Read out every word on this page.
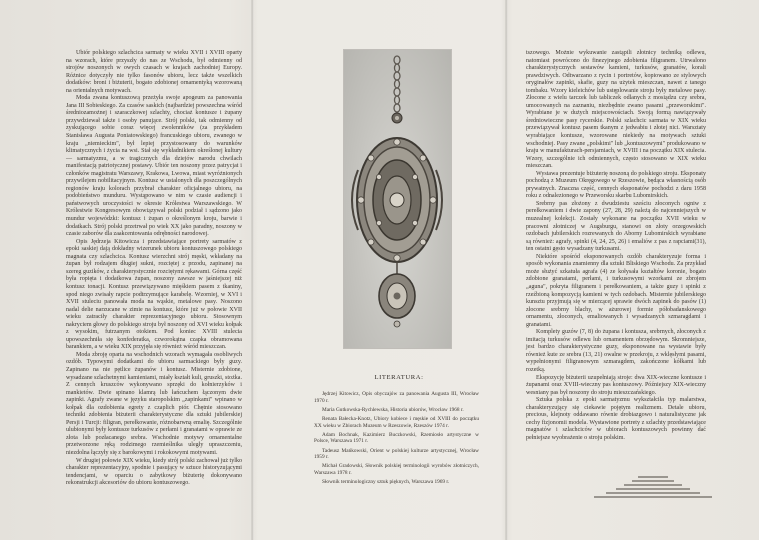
Ubiór polskiego szlachcica sarmaty w wieku XVII i XVIII oparty na wzorach, które przyszły do nas ze Wschodu, był odmienny od strojów noszonych w owych czasach w krajach zachodniej Europy. Różnice dotyczyły nie tylko fasonów ubioru, lecz także wszelkich dodatków: broni i biżuterii, bogato zdobionej ornamentyką wzorowaną na orientalnych motywach.

Moda zwana kontuszową przeżyła swoje apogeum za panowania Jana III Sobieskiego. Za czasów saskich (najbardziej powszechna wśród średniozamożnej i szaraczkowej szlachty, chociaż kontusze i żupany przywdziewał także i osoby panujące. Strój polski, tak odmienny od zyskującego sobie coraz więcej zwolenników (za przykładem Stanisława Augusta Poniatowskiego) francuskiego ubioru, zwanego w kraju „niemieckim", był lepiej przystosowany do warunków klimatycznych i życia na wsi. Stał się wykładnikiem określonej kultury — sarmatyzmu, a w tragicznych dla dziejów narodu chwilach manifestacją patriotycznej postawy. Ubiór ten noszony przez patrycjat i członków magistratu Warszawy, Krakowa, Lwowa, miast wyróżnionych przywilejem nobilitacyjnym. Kontusz w ustalonych dla poszczególnych regionów kraju kolorach przybrał charakter oficjalnego ubioru, na podobieństwo munduru. Wystąpowano w nim w czasie audiencji i państwowych uroczystości w okresie Królestwa Warszawskiego. W Królestwie Kongresowym obowiązywał polski podział i sądzono jako mundur wojewódzki: kontusz i żupan o określonym kroju, barwie i dodatkach. Strój polski przetrwał po wiek XX jako paradny, noszony w czasie zaborów dla zaakcentowania odrębności narodowej.

Opis Jędrzeja Kitowicza i przedstawiające portrety sarmatów z epoki saskiej dają dokładny wizerunek ubioru kontuszowego polskiego magnata czy szlachcica. Kontusz wierzchni strój męski, wkładany na żupan był rodzajem długiej sukni, rozciętej z przodu, zapinanej na szereg guzików, z charakterystycznie rozciętymi rękawami. Górna część była ropięta i dodatkowa żupan, noszony zawsze w jaśniejszej niż kontusz tonacji. Kontusz przewiązywano mięśkiem pasem z tkaniny, spod niego zwisały rapcie podtrzymujące karabelę. Wzorniej, w XVI i XVII stuleciu panowała moda na wąskie, metalowe pasy. Noszono nadal delie narzucane w zimie na kontusz, które już w połowie XVII wieku zatraciły charakter reprezentacyjnego ubioru. Stosownym nakryciem głowy do polskiego stroju był noszony od XVI wieku kołpak z wysokim, futrzanym otokiem. Pod koniec XVIII stulecia upowszechniła się konfederatka, czworokątna czapka obramowana barankiem, a w wieku XIX przyjęła się również wśród mieszczan.

Moda zbroję oparta na wschodnich wzorach wymagała osobliwych ozdób. Typowymi dodatkami do ubioru sarmackiego były guzy. Zapinano na nie pętlice żupanów i kontusz. Misternie zdobione, wysadzane szlachetnymi kamieniami, miały kształt kuli, gruszki, stożka. Z cennych kruszców wykonywano sprzęki do kołnierzyków i mankietów. Dwie spinano klamrą lub łańcuchem łączonym dwie zapinki. Agrafy zwane w języku staropolskim „zapinkami" wpinano w kołpak dla ozdobienia egrety z czaplich piór. Chętnie stosowano techniki zdobienia biżuterii charakterystyczne dla sztuki jubilerskiej Persji i Turcji: filigran, perełkowanie, różnobarwną emalię. Szczególnie ulubionymi były kontusze turkusów z perłami i granatami w oprawie ze złota lub pozłacanego srebra. Wschodnie motywy ornamentalne przetworzone ręką rodzimego rzemieślnika uległy upraszczeniu, niezdolna łączyły się z barokowymi i rokokowymi motywami.

W drugiej połowie XIX wieku, kiedy strój polski zachował już tylko charakter reprezentacyjny, spodnie i pasujący w sztuce historyzującymi tendencjami, w oparciu o zabytkowy biżuterię dokonywano rekonstrukcji akcesoriów do ubioru kontuszowego.

LITERATURA:

Jędrzej Kitowicz, Opis obyczajów za panowania Augusta III, Wrocław 1970 r.

Maria Gutkowska-Rychlewska, Historia ubiorów, Wrocław 1968 r.

Renata Bałecka-Knotz, Ubiory kobiece i męskie od XVIII do początku XX wieku w Zbiorach Muzeum w Rzeszowie, Rzeszów 1974 r.

Adam Bochnak, Kazimierz Buczkowski, Rzemiosło artystyczne w Polsce, Warszawa 1971 r.

Tadeusz Mańkowski, Orient w polskiej kulturze artystycznej, Wrocław 1959 r.

Michał Gradowski, Słownik polskiej terminologii wyrobów złotniczych, Warszawa 1978 r.

Słownik terminologiczny sztuk pięknych, Warszawa 1969 r.

tszowego. Możnie wykuwanie zastąpili złotnicy techniką odlewu, natomiast powrócono do finezyjnego zdobienia filigranem. Utrwalono charakterystycznych sestawów kamieni, turkusów, granatów, korali prawdziwych. Odtwarzano z rycin i portretów, kopiowano ze stylowych oryginałów zapinki, skafie, guzy na użytek mieszczan, nawet z tanego tombaku. Wzory kieleichów lub ustęplowanie stroju były metalowe pasy. Złocone z wielu tarczek lub tabliczek odlanych z mosiądzu czy srebra, umocowanych na zaznaniu, niezbędnie zwano pasami „przeworskimi". Wyrabiane je w dużych miejscowościach. Swoją formą nawiązywały średniowieczne pasy rycerskie. Polski szlachcic sarmata w XIX wieku przewiązywał kontusz pasem tkanym z jedwabiu i złotej nici. Warsztaty wyrabiające kontusze, wzorowane niekiedy na motywach sztuki wschodniej. Pasy zwane „polskimi" lub „kontuszowymi" produkowano w kraju w manufakturach-persjarniach, w XVIII i na początku XIX stulecia. Wzory, szczególnie ich odmiennych, często stosowano w XIX wieku mieszczan.

Wystawa prezentuje biżuterię noszoną do polskiego stroju. Eksponaty pochodzą z Muzeum Okręgowego w Rzeszowie, będąca własnością osób prywatnych. Znaczna część, cennych eksponatów pochodzi z daru 1958 roku z odnalezionego w Przeworsku skarbu Lubomirskich.

Srebrny pas złożony z dwudziestu sześciu złoconych ogniw z perełkowaniem i dwie zapony (27, 28, 29) należą do najcenniejszych w muzealnej kolekcji. Zostały wykonane na początku XVII wieku w pracowni złotniczej w Augsburgu, stanowi on złoty orzegowskich ozdobach jubilerskich rozrewanych do Aborny Lubomirskich wyrabiane są również: agrafy, spinki (4, 24, 25, 26) i emaliów z pas z rapciami(31), ten ostatni gęsto wysadzany turkusami.

Niektóre spośród eksponowanych ozdób charakteryzuje forma i sposób wykonania znamienny dla sztuki Bliskiego Wschodu. Za przykład może służyć szkatuła agrafa (4) ze kołysała kształtów koronie, bogato zdobione granatami, perłami, i turkusowymi wzorkami ze zbrojem „aguna", pokryta filigranem i perełkowaniem, a także guzy i spinki z rzeźbioną kompozycją kamieni w tych ozdobach. Misternie jubilerskiego kunsztu przyjmują się w mierzącej sprawie dwóch zapinek do pasów (1) złocone srebrny blachy, w ażurowej formie półobadanskowego ornamentu, złoconych, emaliowanych i wysadzanych szmaragdami i granatami.

Komplety guzów (7, 8) do żupana i kontusza, srebrnych, złoconych z imitacją turkusów odlewu lub ornamentem obrzędowym. Skromniejsze, jest bardzo charakterystyczne guzy, eksponowane na wystawie były również kute ze srebra (13, 21) owalne w przekroju, z wklęsłymi pasami, wypełnionymi filigranowym szmaragdem, zakończone kółkami lub rozetką.

Ekspozycję biżuterii uzupełniają stroje: dwa XIX-wieczne kontusze i żupanami oraz XVIII-wieczny pas kontuszowy. Późniejszy XIX-wieczny wesniany pas był noszony do stroju mieszczańskiego.

Sztuka polska z epoki sarmatyzmu wykształciła typ malarstwa, charakteryzujący się ciekawie pojętym realizmem. Detale ubioru, precious, klejnoty oddawano równie drobiazgowo i naturalistyczne jak cechy fizjonomii modela. Wystawione portrety z szlachty przedstawiające magnatów i szlachciców w ubiorach kontuszowych powinny dać pełniejsze wyobrażenie o stroju polskim.
